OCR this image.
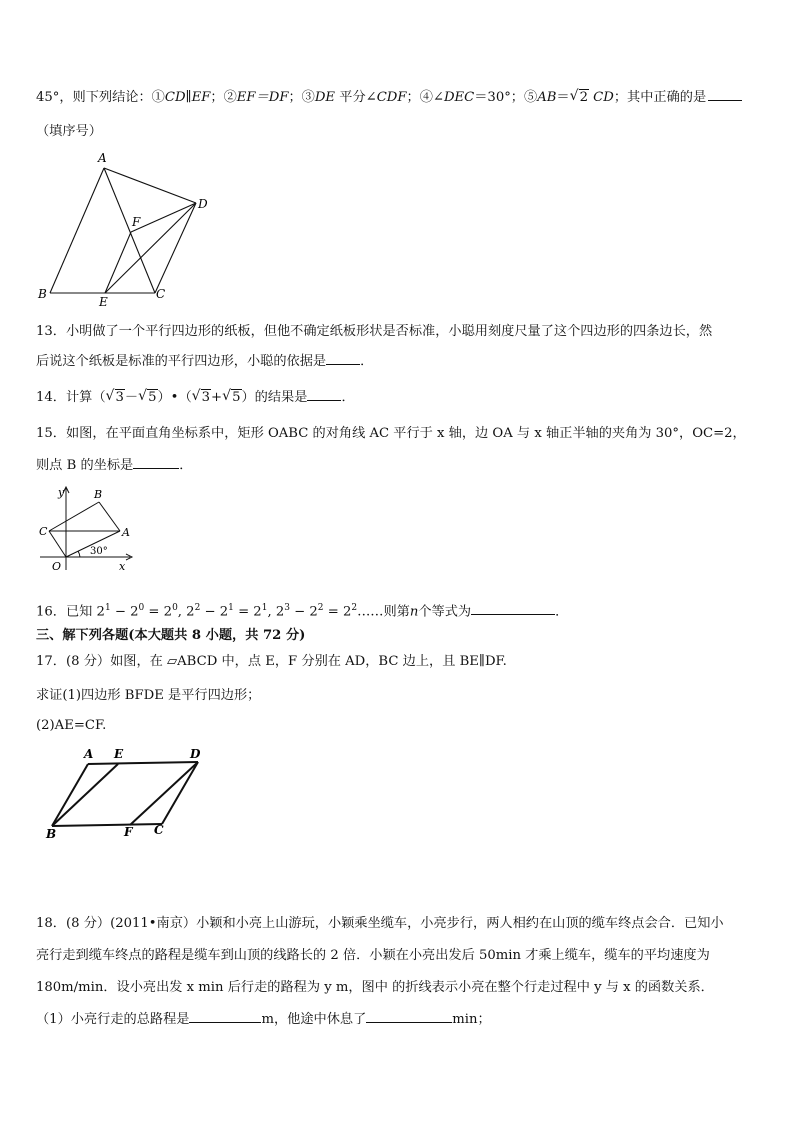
45°，则下列结论：①CD∥EF；②EF＝DF；③DE 平分∠CDF；④∠DEC＝30°；⑤AB＝ √ 2 CD；其中正确的是
（填序号）
A
B	C
D
E
F
13．小明做了一个平行四边形的纸板，但他不确定纸板形状是否标准，小聪用刻度尺量了这个四边形的四条边长，然
后说这个纸板是标准的平行四边形，小聪的依据是	．
14．计算（ √ 3－ √ 5）•（ √ 3+ √ 5）的结果是	．
15．如图，在平面直角坐标系中，矩形 OABC 的对角线 AC 平行于 x 轴，边 OA 与 x 轴正半轴的夹角为 30°，OC=2，
则点 B 的坐标是	．
y
x
O
A
B
C
30°
16．已知 $2^1 - 2^0 = 2^0$, $2^2 - 2^1 = 2^1$, $2^3 - 2^2$ = $2^2\dots\dots$则第n个等式为	．
三、解下列各题(本大题共 8 小题，共 72 分)
17．(8 分）如图，在 ▱ABCD 中，点 E，F 分别在 AD，BC 边上，且 BE∥DF.
求证(1)四边形 BFDE 是平行四边形；
(2)AE=CF.
A E	D
B	F C
18．(8 分）(2011•南京）小颖和小亮上山游玩，小颖乘坐缆车，小亮步行，两人相约在山顶的缆车终点会合．已知小
亮行走到缆车终点的路程是缆车到山顶的线路长的 2 倍．小颖在小亮出发后 50min 才乘上缆车，缆车的平均速度为
180m/min．设小亮出发 x min 后行走的路程为 y m，图中 的折线表示小亮在整个行走过程中 y 与 x 的函数关系．
（1）小亮行走的总路程是	m，他途中休息了	min；
